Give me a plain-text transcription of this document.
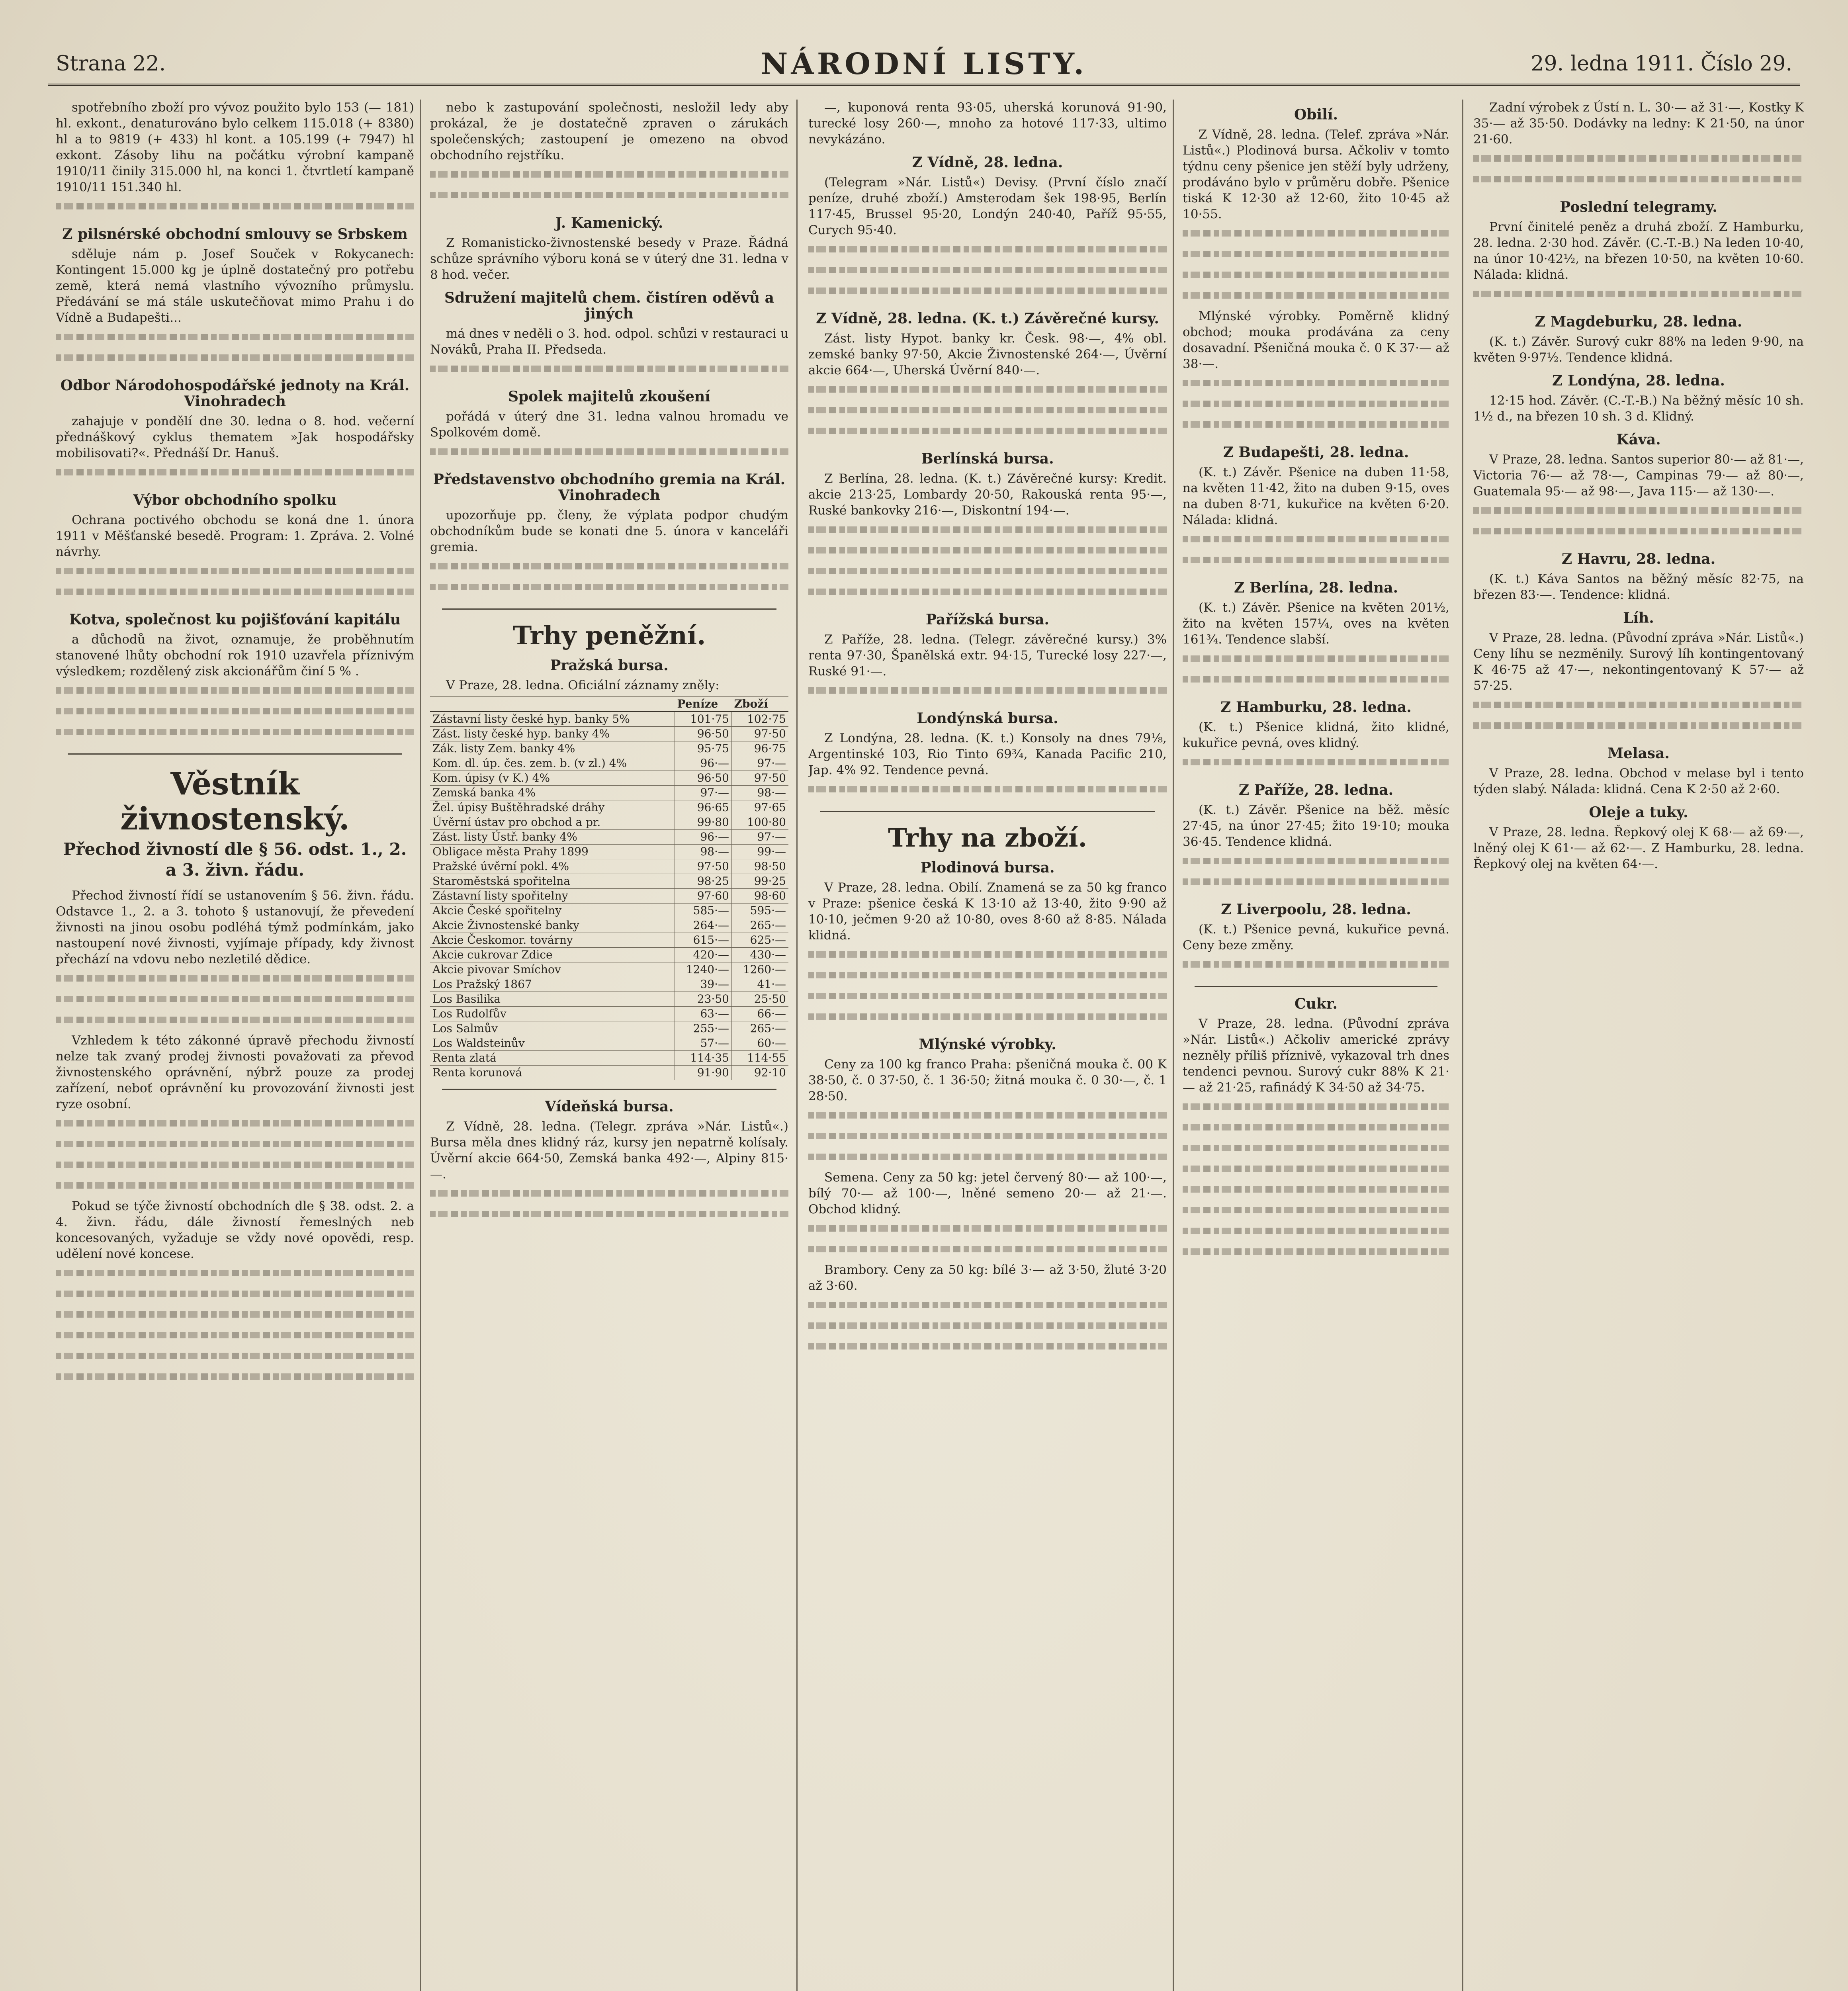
Strana 22.	NÁRODNÍ LISTY.	29. ledna 1911. Číslo 29.

spotřebního zboží pro vývoz použito bylo 153 (— 181) hl. exkont., denaturováno bylo celkem 115.018 (+ 8380) hl a to 9819 (+ 433) hl kont. a 105.199 (+ 7947) hl exkont. Zásoby lihu na počátku výrobní kampaně 1910/11 činily 315.000 hl, na konci 1. čtvrtletí kampaně 1910/11 151.340 hl.

Z pilsnérské obchodní smlouvy se Srbskem

sděluje nám p. Josef Souček v Rokycanech: Kontingent 15.000 kg je úplně dostatečný pro potřebu země, která nemá vlastního vývozního průmyslu. Předávání se má stále uskutečňovat mimo Prahu i do Vídně a Budapešti...

Odbor Národohospodářské jednoty na Král. Vinohradech

zahajuje v pondělí dne 30. ledna o 8. hod. večerní přednáškový cyklus thematem »Jak hospodářsky mobilisovati?«. Přednáší Dr. Hanuš.

Výbor obchodního spolku

Ochrana poctivého obchodu se koná dne 1. února 1911 v Měšťanské besedě. Program: 1. Zpráva. 2. Volné návrhy.

Kotva, společnost ku pojišťování kapitálu

a důchodů na život, oznamuje, že proběhnutím stanovené lhůty obchodní rok 1910 uzavřela příznivým výsledkem; rozdělený zisk akcionářům činí 5 % .

Věstník živnostenský.
Přechod živností dle § 56. odst. 1., 2. a 3. živn. řádu.

Přechod živností řídí se ustanovením § 56. živn. řádu. Odstavce 1., 2. a 3. tohoto § ustanovují, že převedení živnosti na jinou osobu podléhá týmž podmínkám, jako nastoupení nové živnosti, vyjímaje případy, kdy živnost přechází na vdovu nebo nezletilé dědice.

Vzhledem k této zákonné úpravě přechodu živností nelze tak zvaný prodej živnosti považovati za převod živnostenského oprávnění, nýbrž pouze za prodej zařízení, neboť oprávnění ku provozování živnosti jest ryze osobní.

Pokud se týče živností obchodních dle § 38. odst. 2. a 4. živn. řádu, dále živností řemeslných neb koncesovaných, vyžaduje se vždy nové opovědi, resp. udělení nové koncese.

nebo k zastupování společnosti, nesložil ledy aby prokázal, že je dostatečně zpraven o zárukách společenských; zastoupení je omezeno na obvod obchodního rejstříku.

J. Kamenický.

Z Romanisticko-živnostenské besedy v Praze. Řádná schůze správního výboru koná se v úterý dne 31. ledna v 8 hod. večer.

Sdružení majitelů chem. čistíren oděvů a jiných

má dnes v neděli o 3. hod. odpol. schůzi v restauraci u Nováků, Praha II. Předseda.

Spolek majitelů zkoušení

pořádá v úterý dne 31. ledna valnou hromadu ve Spolkovém domě.

Představenstvo obchodního gremia na Král. Vinohradech

upozorňuje pp. členy, že výplata podpor chudým obchodníkům bude se konati dne 5. února v kanceláři gremia.

Trhy peněžní.
Pražská bursa.

V Praze, 28. ledna. Oficiální záznamy zněly:

	Peníze	Zboží
Zástavní listy české hyp. banky 5%	101·75	102·75
Zást. listy české hyp. banky 4%	96·50	97·50
Zák. listy Zem. banky 4%	95·75	96·75
Kom. dl. úp. čes. zem. b. (v zl.) 4%	96·—	97·—
Kom. úpisy (v K.) 4%	96·50	97·50
Zemská banka 4%	97·—	98·—
Žel. úpisy Buštěhradské dráhy	96·65	97·65
Úvěrní ústav pro obchod a pr.	99·80	100·80
Zást. listy Ústř. banky 4%	96·—	97·—
Obligace města Prahy 1899	98·—	99·—
Pražské úvěrní pokl. 4%	97·50	98·50
Staroměstská spořitelna	98·25	99·25
Zástavní listy spořitelny	97·60	98·60
Akcie České spořitelny	585·—	595·—
Akcie Živnostenské banky	264·—	265·—
Akcie Českomor. továrny	615·—	625·—
Akcie cukrovar Zdice	420·—	430·—
Akcie pivovar Smíchov	1240·—	1260·—
Los Pražský 1867	39·—	41·—
Los Basilika	23·50	25·50
Los Rudolfův	63·—	66·—
Los Salmův	255·—	265·—
Los Waldsteinův	57·—	60·—
Renta zlatá	114·35	114·55
Renta korunová	91·90	92·10
Vídeňská bursa.

Z Vídně, 28. ledna. (Telegr. zpráva »Nár. Listů«.) Bursa měla dnes klidný ráz, kursy jen nepatrně kolísaly. Úvěrní akcie 664·50, Zemská banka 492·—, Alpiny 815·—.

—, kuponová renta 93·05, uherská korunová 91·90, turecké losy 260·—, mnoho za hotové 117·33, ultimo nevykázáno.

Z Vídně, 28. ledna.

(Telegram »Nár. Listů«) Devisy. (První číslo značí peníze, druhé zboží.) Amsterodam šek 198·95, Berlín 117·45, Brussel 95·20, Londýn 240·40, Paříž 95·55, Curych 95·40.

Z Vídně, 28. ledna. (K. t.) Závěrečné kursy.

Zást. listy Hypot. banky kr. Česk. 98·—, 4% obl. zemské banky 97·50, Akcie Živnostenské 264·—, Úvěrní akcie 664·—, Uherská Úvěrní 840·—.

Berlínská bursa.

Z Berlína, 28. ledna. (K. t.) Závěrečné kursy: Kredit. akcie 213·25, Lombardy 20·50, Rakouská renta 95·—, Ruské bankovky 216·—, Diskontní 194·—.

Pařížská bursa.

Z Paříže, 28. ledna. (Telegr. závěrečné kursy.) 3% renta 97·30, Španělská extr. 94·15, Turecké losy 227·—, Ruské 91·—.

Londýnská bursa.

Z Londýna, 28. ledna. (K. t.) Konsoly na dnes 79⅛, Argentinské 103, Rio Tinto 69¾, Kanada Pacific 210, Jap. 4% 92. Tendence pevná.

Trhy na zboží.
Plodinová bursa.

V Praze, 28. ledna. Obilí. Znamená se za 50 kg franco v Praze: pšenice česká K 13·10 až 13·40, žito 9·90 až 10·10, ječmen 9·20 až 10·80, oves 8·60 až 8·85. Nálada klidná.

Mlýnské výrobky.

Ceny za 100 kg franco Praha: pšeničná mouka č. 00 K 38·50, č. 0 37·50, č. 1 36·50; žitná mouka č. 0 30·—, č. 1 28·50.

Semena. Ceny za 50 kg: jetel červený 80·— až 100·—, bílý 70·— až 100·—, lněné semeno 20·— až 21·—. Obchod klidný.

Brambory. Ceny za 50 kg: bílé 3·— až 3·50, žluté 3·20 až 3·60.

Obilí.

Z Vídně, 28. ledna. (Telef. zpráva »Nár. Listů«.) Plodinová bursa. Ačkoliv v tomto týdnu ceny pšenice jen stěží byly udrženy, prodáváno bylo v průměru dobře. Pšenice tiská K 12·30 až 12·60, žito 10·45 až 10·55.

Mlýnské výrobky. Poměrně klidný obchod; mouka prodávána za ceny dosavadní. Pšeničná mouka č. 0 K 37·— až 38·—.

Z Budapešti, 28. ledna.

(K. t.) Závěr. Pšenice na duben 11·58, na květen 11·42, žito na duben 9·15, oves na duben 8·71, kukuřice na květen 6·20. Nálada: klidná.

Z Berlína, 28. ledna.

(K. t.) Závěr. Pšenice na květen 201½, žito na květen 157¼, oves na květen 161¾. Tendence slabší.

Z Hamburku, 28. ledna.

(K. t.) Pšenice klidná, žito klidné, kukuřice pevná, oves klidný.

Z Paříže, 28. ledna.

(K. t.) Závěr. Pšenice na běž. měsíc 27·45, na únor 27·45; žito 19·10; mouka 36·45. Tendence klidná.

Z Liverpoolu, 28. ledna.

(K. t.) Pšenice pevná, kukuřice pevná. Ceny beze změny.

Cukr.

V Praze, 28. ledna. (Původní zpráva »Nár. Listů«.) Ačkoliv americké zprávy nezněly příliš příznivě, vykazoval trh dnes tendenci pevnou. Surový cukr 88% K 21·— až 21·25, rafinádý K 34·50 až 34·75.

Zadní výrobek z Ústí n. L. 30·— až 31·—, Kostky K 35·— až 35·50. Dodávky na ledny: K 21·50, na únor 21·60.

Poslední telegramy.

První činitelé peněz a druhá zboží. Z Hamburku, 28. ledna. 2·30 hod. Závěr. (C.-T.-B.) Na leden 10·40, na únor 10·42½, na březen 10·50, na květen 10·60. Nálada: klidná.

Z Magdeburku, 28. ledna.

(K. t.) Závěr. Surový cukr 88% na leden 9·90, na květen 9·97½. Tendence klidná.

Z Londýna, 28. ledna.

12·15 hod. Závěr. (C.-T.-B.) Na běžný měsíc 10 sh. 1½ d., na březen 10 sh. 3 d. Klidný.

Káva.

V Praze, 28. ledna. Santos superior 80·— až 81·—, Victoria 76·— až 78·—, Campinas 79·— až 80·—, Guatemala 95·— až 98·—, Java 115·— až 130·—.

Z Havru, 28. ledna.

(K. t.) Káva Santos na běžný měsíc 82·75, na březen 83·—. Tendence: klidná.

Líh.

V Praze, 28. ledna. (Původní zpráva »Nár. Listů«.) Ceny líhu se nezměnily. Surový líh kontingentovaný K 46·75 až 47·—, nekontingentovaný K 57·— až 57·25.

Melasa.

V Praze, 28. ledna. Obchod v melase byl i tento týden slabý. Nálada: klidná. Cena K 2·50 až 2·60.

Oleje a tuky.

V Praze, 28. ledna. Řepkový olej K 68·— až 69·—, lněný olej K 61·— až 62·—. Z Hamburku, 28. ledna. Řepkový olej na květen 64·—.
